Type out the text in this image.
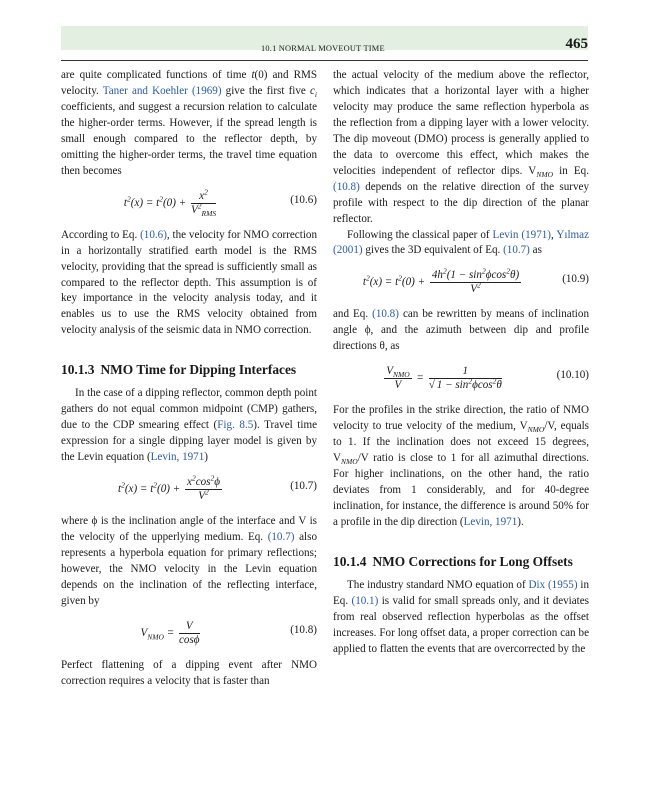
10.1 NORMAL MOVEOUT TIME	465

are quite complicated functions of time t(0) and RMS velocity. Taner and Koehler (1969) give the first five $c_i$ coefficients, and suggest a recursion relation to calculate the higher-order terms. However, if the spread length is small enough compared to the reflector depth, by omitting the higher-order terms, the travel time equation then becomes

$t^2(x) = t^2(0) + \frac{x^2}{V^2_{RMS}}$	(10.6)

According to Eq. (10.6), the velocity for NMO correction in a horizontally stratified earth model is the RMS velocity, providing that the spread is sufficiently small as compared to the reflector depth. This assumption is of key importance in the velocity analysis today, and it enables us to use the RMS velocity obtained from velocity analysis of the seismic data in NMO correction.

10.1.3 NMO Time for Dipping Interfaces

In the case of a dipping reflector, common depth point gathers do not equal common midpoint (CMP) gathers, due to the CDP smearing effect (Fig. 8.5). Travel time expression for a single dipping layer model is given by the Levin equation (Levin, 1971)

$t^2(x) = t^2(0) + \frac{x^2\cos^2\phi}{V^2}$	(10.7)

where ϕ is the inclination angle of the interface and V is the velocity of the upperlying medium. Eq. (10.7) also represents a hyperbola equation for primary reflections; however, the NMO velocity in the Levin equation depends on the inclination of the reflecting interface, given by

$V_{NMO} = \frac{V}{\cos\phi}$	(10.8)

Perfect flattening of a dipping event after NMO correction requires a velocity that is faster than

the actual velocity of the medium above the reflector, which indicates that a horizontal layer with a higher velocity may produce the same reflection hyperbola as the reflection from a dipping layer with a lower velocity. The dip moveout (DMO) process is generally applied to the data to overcome this effect, which makes the velocities independent of reflector dips. $V_{NMO}$ in Eq. (10.8) depends on the relative direction of the survey profile with respect to the dip direction of the planar reflector.

Following the classical paper of Levin (1971), Yılmaz (2001) gives the 3D equivalent of Eq. (10.7) as

$t^2(x) = t^2(0) + \frac{4h^2(1 - \sin^2\phi\cos^2\theta)}{V^2}$	(10.9)

and Eq. (10.8) can be rewritten by means of inclination angle ϕ, and the azimuth between dip and profile directions θ, as

$\frac{V_{NMO}}{V} = \frac{1}{√ 1 - \sin^2\phi\cos^2\theta}$	(10.10)

For the profiles in the strike direction, the ratio of NMO velocity to true velocity of the medium, $V_{NMO}/V$, equals to 1. If the inclination does not exceed 15 degrees, $V_{NMO}/V$ ratio is close to 1 for all azimuthal directions. For higher inclinations, on the other hand, the ratio deviates from 1 considerably, and for 40-degree inclination, for instance, the difference is around 50% for a profile in the dip direction (Levin, 1971).

10.1.4 NMO Corrections for Long Offsets

The industry standard NMO equation of Dix (1955) in Eq. (10.1) is valid for small spreads only, and it deviates from real observed reflection hyperbolas as the offset increases. For long offset data, a proper correction can be applied to flatten the events that are overcorrected by the
